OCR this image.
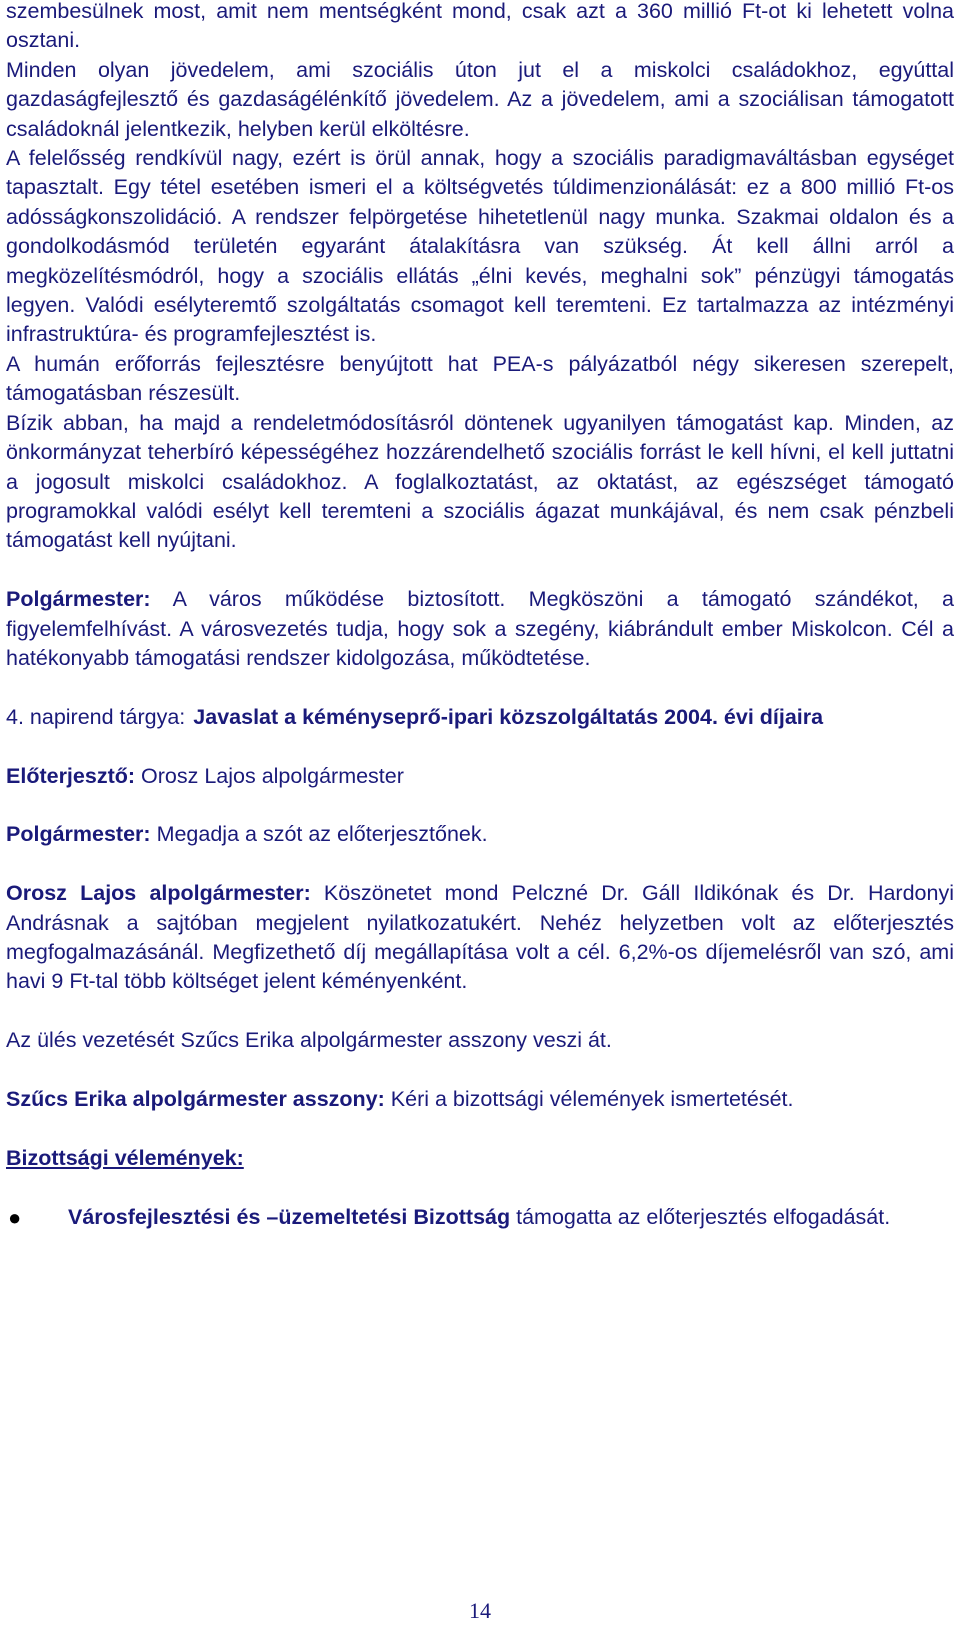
szembesülnek most, amit nem mentségként mond, csak azt a 360 millió Ft-ot ki lehetett volna osztani.

Minden olyan jövedelem, ami szociális úton jut el a miskolci családokhoz, egyúttal gazdaságfejlesztő és gazdaságélénkítő jövedelem. Az a jövedelem, ami a szociálisan támogatott családoknál jelentkezik, helyben kerül elköltésre.

A felelősség rendkívül nagy, ezért is örül annak, hogy a szociális paradigmaváltásban egységet tapasztalt. Egy tétel esetében ismeri el a költségvetés túldimenzionálását: ez a 800 millió Ft-os adósságkonszolidáció. A rendszer felpörgetése hihetetlenül nagy munka. Szakmai oldalon és a gondolkodásmód területén egyaránt átalakításra van szükség. Át kell állni arról a megközelítésmódról, hogy a szociális ellátás „élni kevés, meghalni sok” pénzügyi támogatás legyen. Valódi esélyteremtő szolgáltatás csomagot kell teremteni. Ez tartalmazza az intézményi infrastruktúra- és programfejlesztést is.

A humán erőforrás fejlesztésre benyújtott hat PEA-s pályázatból négy sikeresen szerepelt, támogatásban részesült.

Bízik abban, ha majd a rendeletmódosításról döntenek ugyanilyen támogatást kap. Minden, az önkormányzat teherbíró képességéhez hozzárendelhető szociális forrást le kell hívni, el kell juttatni a jogosult miskolci családokhoz. A foglalkoztatást, az oktatást, az egészséget támogató programokkal valódi esélyt kell teremteni a szociális ágazat munkájával, és nem csak pénzbeli támogatást kell nyújtani.

Polgármester: A város működése biztosított. Megköszöni a támogató szándékot, a figyelemfelhívást. A városvezetés tudja, hogy sok a szegény, kiábrándult ember Miskolcon. Cél a hatékonyabb támogatási rendszer kidolgozása, működtetése.

4. napirend tárgya: Javaslat a kéményseprő-ipari közszolgáltatás 2004. évi díjaira

Előterjesztő: Orosz Lajos alpolgármester

Polgármester: Megadja a szót az előterjesztőnek.

Orosz Lajos alpolgármester: Köszönetet mond Pelczné Dr. Gáll Ildikónak és Dr. Hardonyi Andrásnak a sajtóban megjelent nyilatkozatukért. Nehéz helyzetben volt az előterjesztés megfogalmazásánál. Megfizethető díj megállapítása volt a cél. 6,2%-os díjemelésről van szó, ami havi 9 Ft-tal több költséget jelent kéményenként.

Az ülés vezetését Szűcs Erika alpolgármester asszony veszi át.

Szűcs Erika alpolgármester asszony: Kéri a bizottsági vélemények ismertetését.

Bizottsági vélemények:

●	Városfejlesztési és –üzemeltetési Bizottság támogatta az előterjesztés elfogadását.
14
